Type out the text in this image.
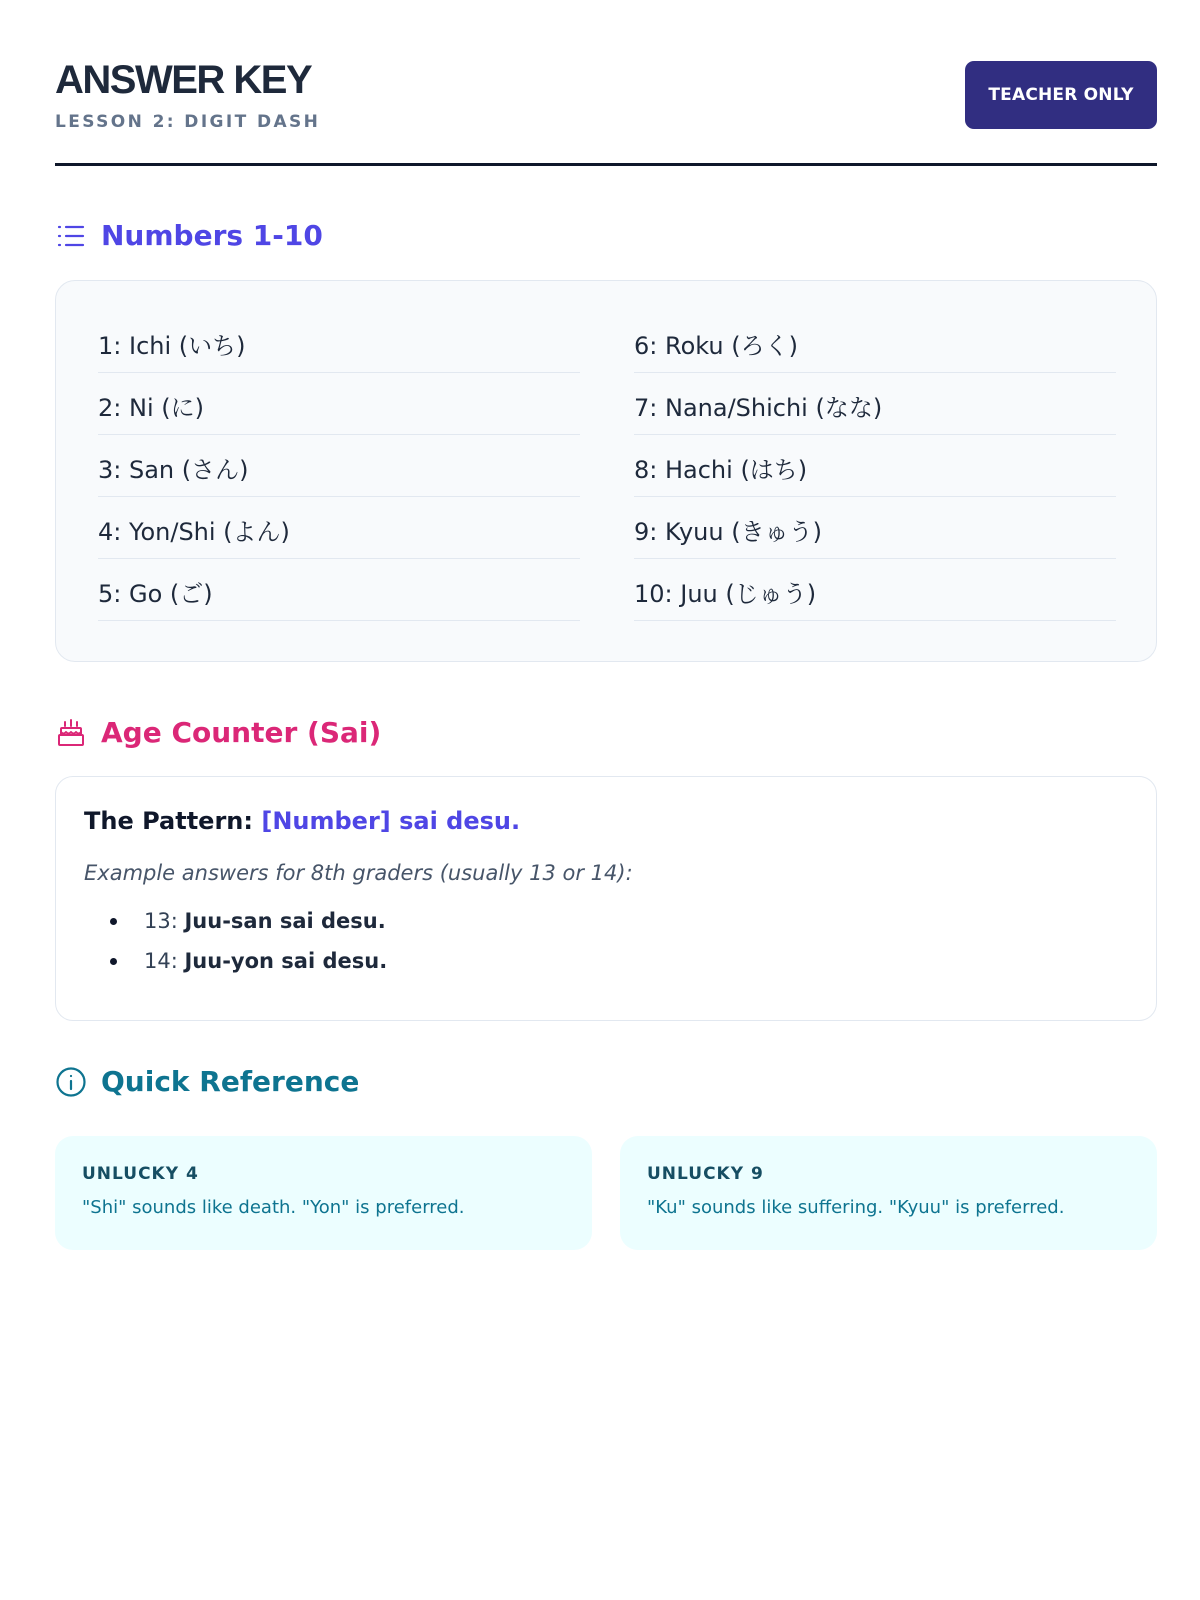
ANSWER KEY
LESSON 2: DIGIT DASH
TEACHER ONLY
Numbers 1-10
1: Ichi (いち)
2: Ni (に)
3: San (さん)
4: Yon/Shi (よん)
5: Go (ご)
6: Roku (ろく)
7: Nana/Shichi (なな)
8: Hachi (はち)
9: Kyuu (きゅう)
10: Juu (じゅう)
Age Counter (Sai)
The Pattern: [Number] sai desu.
Example answers for 8th graders (usually 13 or 14):
13: Juu-san sai desu.
14: Juu-yon sai desu.
Quick Reference
UNLUCKY 4
"Shi" sounds like death. "Yon" is preferred.
UNLUCKY 9
"Ku" sounds like suffering. "Kyuu" is preferred.
